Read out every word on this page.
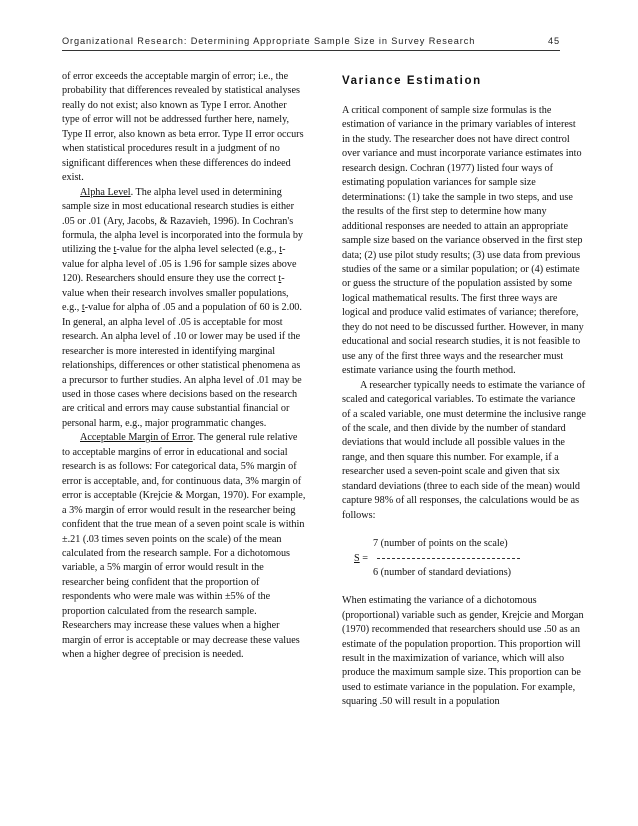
Organizational Research: Determining Appropriate Sample Size in Survey Research	45

of error exceeds the acceptable margin of error; i.e., the probability that differences revealed by statistical analyses really do not exist; also known as Type I error. Another type of error will not be addressed further here, namely, Type II error, also known as beta error. Type II error occurs when statistical procedures result in a judgment of no significant differences when these differences do indeed exist.

Alpha Level. The alpha level used in determining sample size in most educational research studies is either .05 or .01 (Ary, Jacobs, & Razavieh, 1996). In Cochran's formula, the alpha level is incorporated into the formula by utilizing the t-value for the alpha level selected (e.g., t-value for alpha level of .05 is 1.96 for sample sizes above 120). Researchers should ensure they use the correct t- value when their research involves smaller populations, e.g., t-value for alpha of .05 and a population of 60 is 2.00. In general, an alpha level of .05 is acceptable for most research. An alpha level of .10 or lower may be used if the researcher is more interested in identifying marginal relationships, differences or other statistical phenomena as a precursor to further studies. An alpha level of .01 may be used in those cases where decisions based on the research are critical and errors may cause substantial financial or personal harm, e.g., major programmatic changes.

Acceptable Margin of Error. The general rule relative to acceptable margins of error in educational and social research is as follows: For categorical data, 5% margin of error is acceptable, and, for continuous data, 3% margin of error is acceptable (Krejcie & Morgan, 1970). For example, a 3% margin of error would result in the researcher being confident that the true mean of a seven point scale is within ±.21 (.03 times seven points on the scale) of the mean calculated from the research sample. For a dichotomous variable, a 5% margin of error would result in the researcher being confident that the proportion of respondents who were male was within ±5% of the proportion calculated from the research sample. Researchers may increase these values when a higher margin of error is acceptable or may decrease these values when a higher degree of precision is needed.

Variance Estimation

A critical component of sample size formulas is the estimation of variance in the primary variables of interest in the study. The researcher does not have direct control over variance and must incorporate variance estimates into research design. Cochran (1977) listed four ways of estimating population variances for sample size determinations: (1) take the sample in two steps, and use the results of the first step to determine how many additional responses are needed to attain an appropriate sample size based on the variance observed in the first step data; (2) use pilot study results; (3) use data from previous studies of the same or a similar population; or (4) estimate or guess the structure of the population assisted by some logical mathematical results. The first three ways are logical and produce valid estimates of variance; therefore, they do not need to be discussed further. However, in many educational and social research studies, it is not feasible to use any of the first three ways and the researcher must estimate variance using the fourth method.

A researcher typically needs to estimate the variance of scaled and categorical variables. To estimate the variance of a scaled variable, one must determine the inclusive range of the scale, and then divide by the number of standard deviations that would include all possible values in the range, and then square this number. For example, if a researcher used a seven-point scale and given that six standard deviations (three to each side of the mean) would capture 98% of all responses, the calculations would be as follows:

7 (number of points on the scale)
S =
6 (number of standard deviations)

When estimating the variance of a dichotomous (proportional) variable such as gender, Krejcie and Morgan (1970) recommended that researchers should use .50 as an estimate of the population proportion. This proportion will result in the maximization of variance, which will also produce the maximum sample size. This proportion can be used to estimate variance in the population. For example, squaring .50 will result in a population
